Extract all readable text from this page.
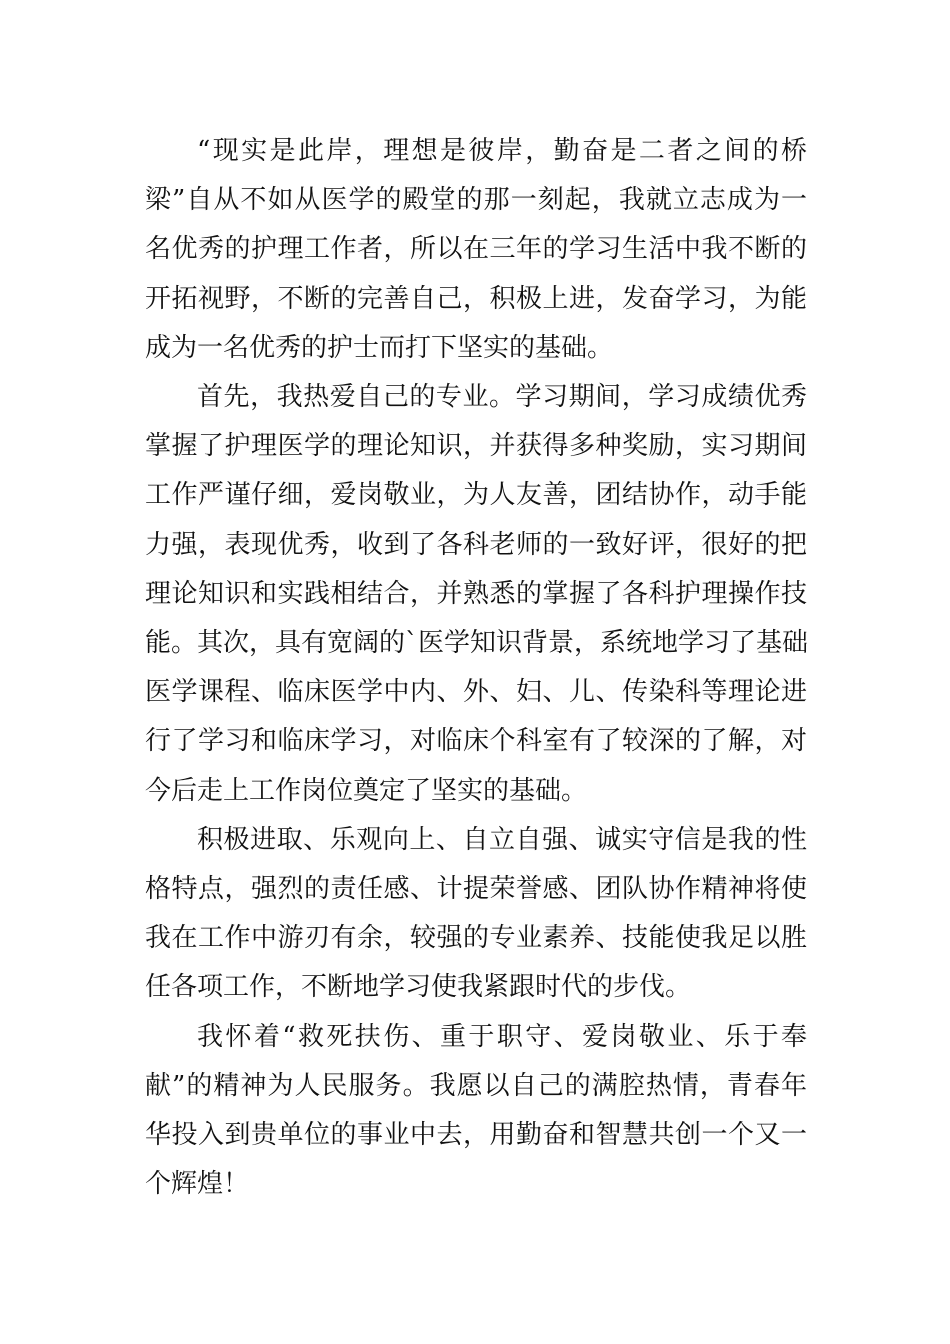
“现实是此岸，理想是彼岸，勤奋是二者之间的桥
梁”自从不如从医学的殿堂的那一刻起，我就立志成为一
名优秀的护理工作者，所以在三年的学习生活中我不断的
开拓视野，不断的完善自己，积极上进，发奋学习，为能
成为一名优秀的护士而打下坚实的基础。

首先，我热爱自己的专业。学习期间，学习成绩优秀
掌握了护理医学的理论知识，并获得多种奖励，实习期间
工作严谨仔细，爱岗敬业，为人友善，团结协作，动手能
力强，表现优秀，收到了各科老师的一致好评，很好的把
理论知识和实践相结合，并熟悉的掌握了各科护理操作技
能。其次，具有宽阔的`医学知识背景，系统地学习了基础
医学课程、临床医学中内、外、妇、儿、传染科等理论进
行了学习和临床学习，对临床个科室有了较深的了解，对
今后走上工作岗位奠定了坚实的基础。

积极进取、乐观向上、自立自强、诚实守信是我的性
格特点，强烈的责任感、计提荣誉感、团队协作精神将使
我在工作中游刃有余，较强的专业素养、技能使我足以胜
任各项工作，不断地学习使我紧跟时代的步伐。

我怀着“救死扶伤、重于职守、爱岗敬业、乐于奉
献”的精神为人民服务。我愿以自己的满腔热情，青春年
华投入到贵单位的事业中去，用勤奋和智慧共创一个又一
个辉煌！
